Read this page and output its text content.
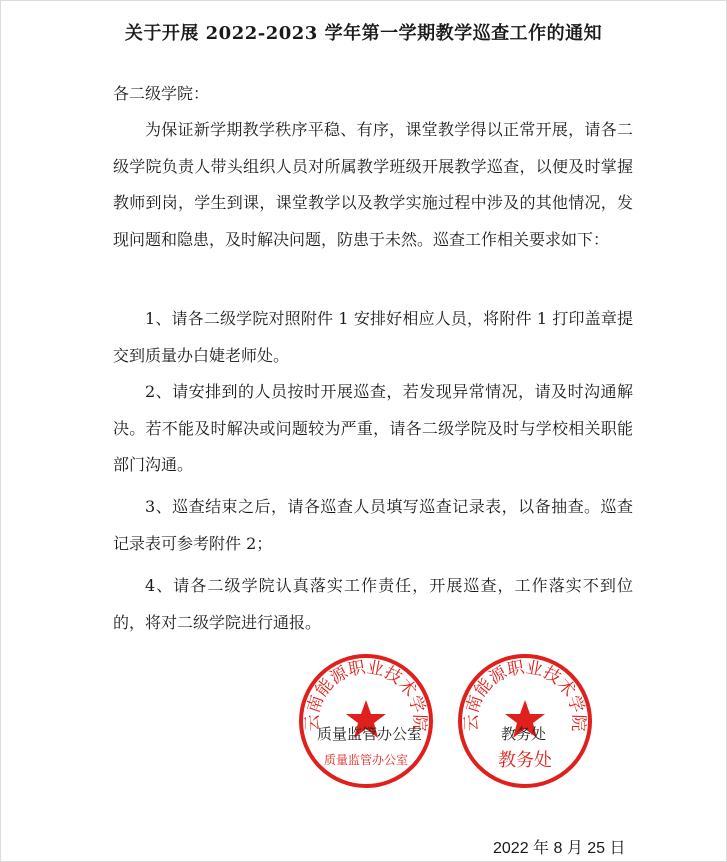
关于开展 2022-2023 学年第一学期教学巡查工作的通知
各二级学院：
为保证新学期教学秩序平稳、有序，课堂教学得以正常开展，请各二级学院负责人带头组织人员对所属教学班级开展教学巡查，以便及时掌握教师到岗，学生到课，课堂教学以及教学实施过程中涉及的其他情况，发现问题和隐患，及时解决问题，防患于未然。巡查工作相关要求如下：
1、请各二级学院对照附件 1 安排好相应人员，将附件 1 打印盖章提交到质量办白婕老师处。
2、请安排到的人员按时开展巡查，若发现异常情况，请及时沟通解决。若不能及时解决或问题较为严重，请各二级学院及时与学校相关职能部门沟通。
3、巡查结束之后，请各巡查人员填写巡查记录表，以备抽查。巡查记录表可参考附件 2；
4、请各二级学院认真落实工作责任，开展巡查，工作落实不到位的，将对二级学院进行通报。
云南能源职业技术学院
质量监管办公室
云南能源职业技术学院
教务处
质量监管办公室	教务处
2022 年 8 月 25 日
